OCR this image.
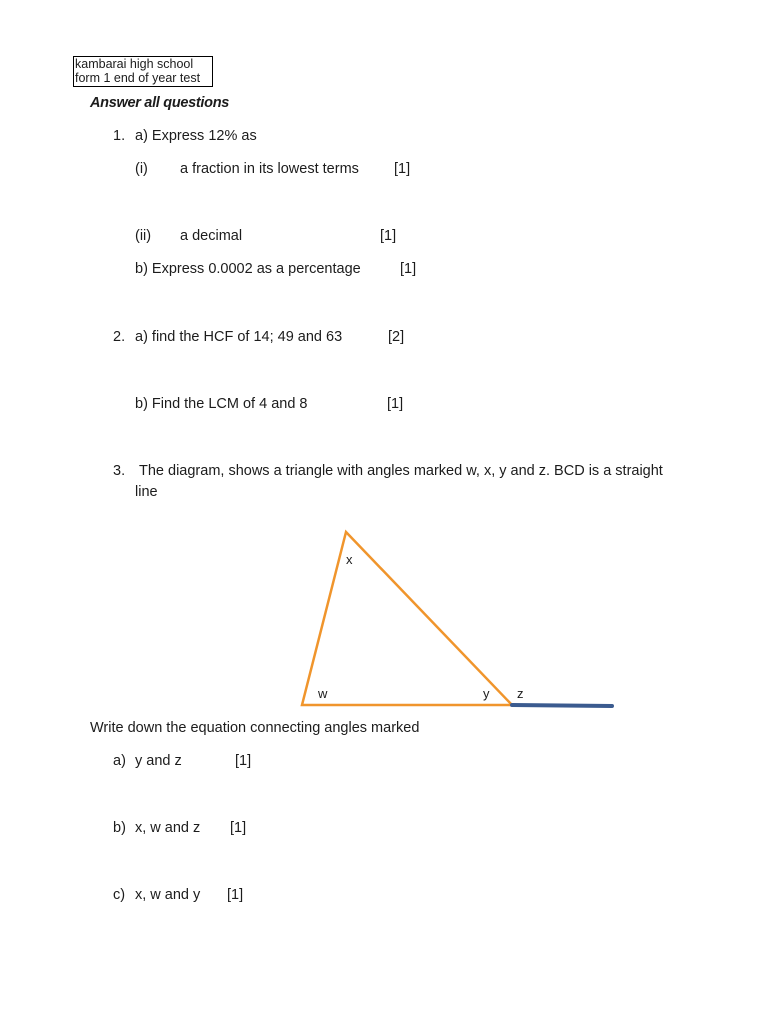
kambarai high school
form 1 end of year test
Answer all questions
1. a) Express 12% as
(i) a fraction in its lowest terms [1]
(ii) a decimal	[1]
b) Express 0.0002 as a percentage	[1]
2. a) find the HCF of 14; 49 and 63	[2]
b) Find the LCM of 4 and 8	[1]
3. The diagram, shows a triangle with angles marked w, x, y and z. BCD is a straight
line
x
w	y z
Write down the equation connecting angles marked
a) y and z	[1]
b) x, w and z [1]
c) x, w and y [1]
